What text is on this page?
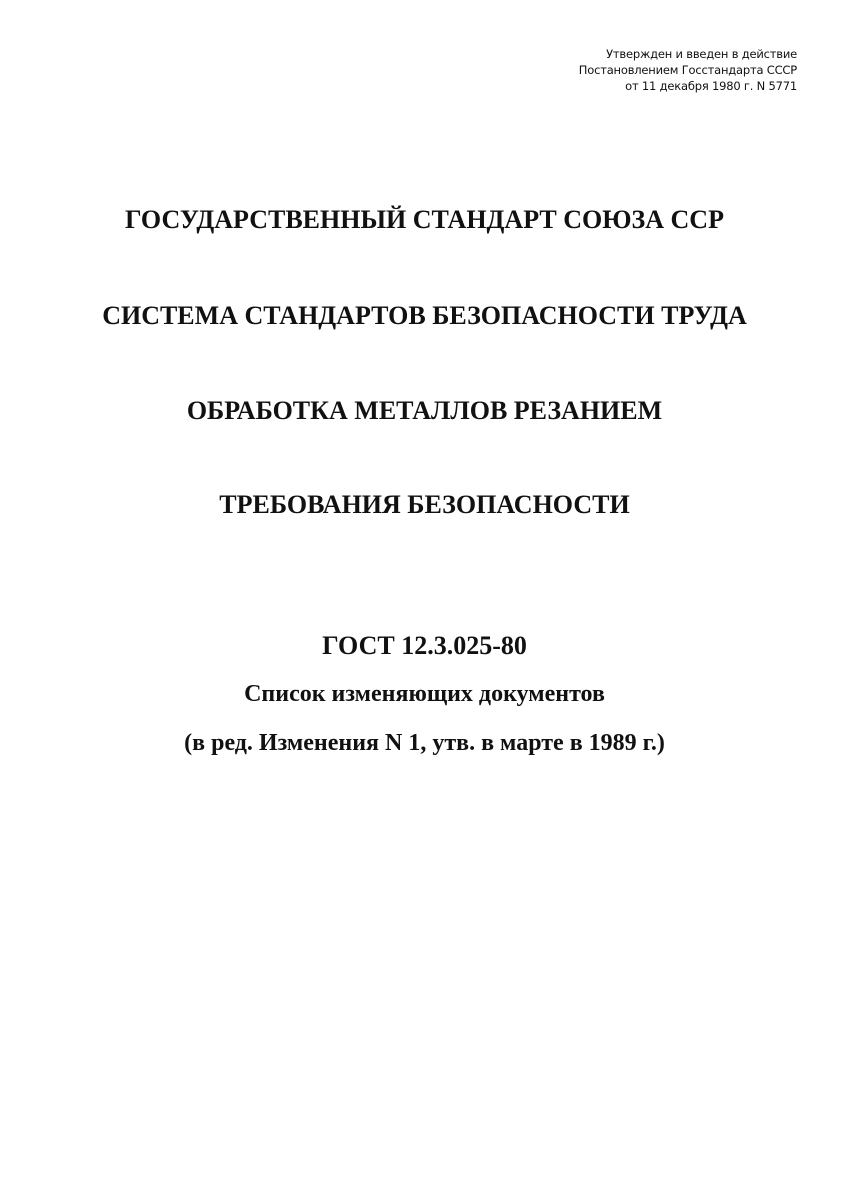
Утвержден и введен в действие
Постановлением Госстандарта СССР
от 11 декабря 1980 г. N 5771
ГОСУДАРСТВЕННЫЙ СТАНДАРТ СОЮЗА ССР
СИСТЕМА СТАНДАРТОВ БЕЗОПАСНОСТИ ТРУДА
ОБРАБОТКА МЕТАЛЛОВ РЕЗАНИЕМ
ТРЕБОВАНИЯ БЕЗОПАСНОСТИ
ГОСТ 12.3.025-80
Список изменяющих документов
(в ред. Изменения N 1, утв. в марте в 1989 г.)
